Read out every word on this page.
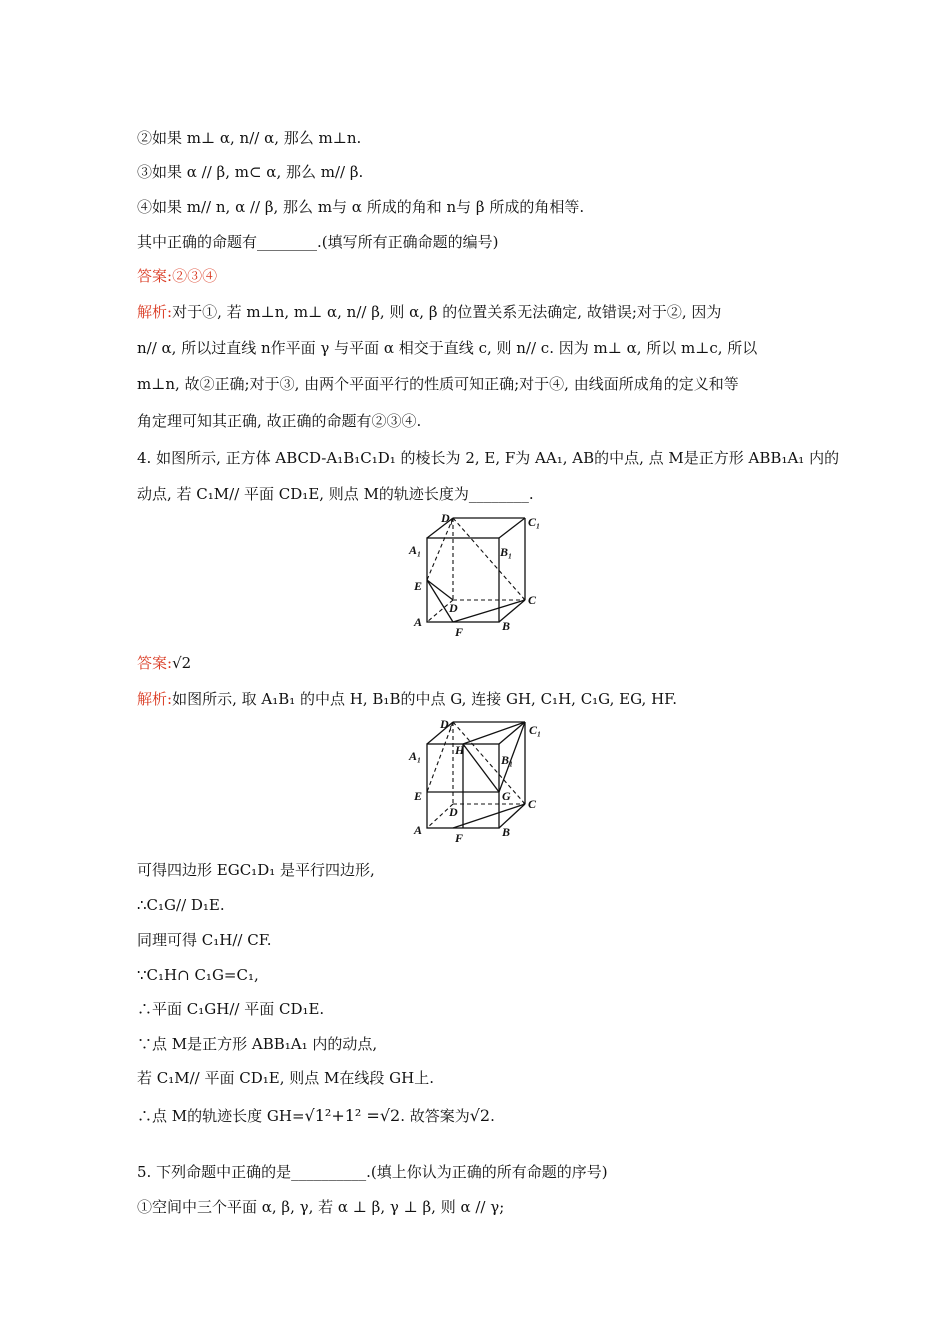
②如果 m⊥ α, n// α, 那么 m⊥n.
③如果 α // β, m⊂ α, 那么 m// β.
④如果 m// n, α // β, 那么 m与 α 所成的角和 n与 β 所成的角相等.
其中正确的命题有________.(填写所有正确命题的编号)
答案:②③④
解析:对于①, 若 m⊥n, m⊥ α, n// β, 则 α, β 的位置关系无法确定, 故错误;对于②, 因为
n// α, 所以过直线 n作平面 γ 与平面 α 相交于直线 c, 则 n// c. 因为 m⊥ α, 所以 m⊥c, 所以
m⊥n, 故②正确;对于③, 由两个平面平行的性质可知正确;对于④, 由线面所成角的定义和等
角定理可知其正确, 故正确的命题有②③④.
4. 如图所示, 正方体 ABCD-A₁B₁C₁D₁ 的棱长为 2, E, F为 AA₁, AB的中点, 点 M是正方形 ABB₁A₁ 内的
动点, 若 C₁M// 平面 CD₁E, 则点 M的轨迹长度为________.
D₁	C₁
A₁	B₁
E
D
C
A
F	B
答案:√2
解析:如图所示, 取 A₁B₁ 的中点 H, B₁B的中点 G, 连接 GH, C₁H, C₁G, EG, HF.
D₁	C₁
A₁	B₁
H
E
D
G
C
A
F	B
可得四边形 EGC₁D₁ 是平行四边形,
∴C₁G// D₁E.
同理可得 C₁H// CF.
∵C₁H∩ C₁G=C₁,
∴平面 C₁GH// 平面 CD₁E.
∵点 M是正方形 ABB₁A₁ 内的动点,
若 C₁M// 平面 CD₁E, 则点 M在线段 GH上.
∴点 M的轨迹长度 GH=√1²+1² =√2. 故答案为√2.
5. 下列命题中正确的是__________.(填上你认为正确的所有命题的序号)
①空间中三个平面 α, β, γ, 若 α ⊥ β, γ ⊥ β, 则 α // γ;
